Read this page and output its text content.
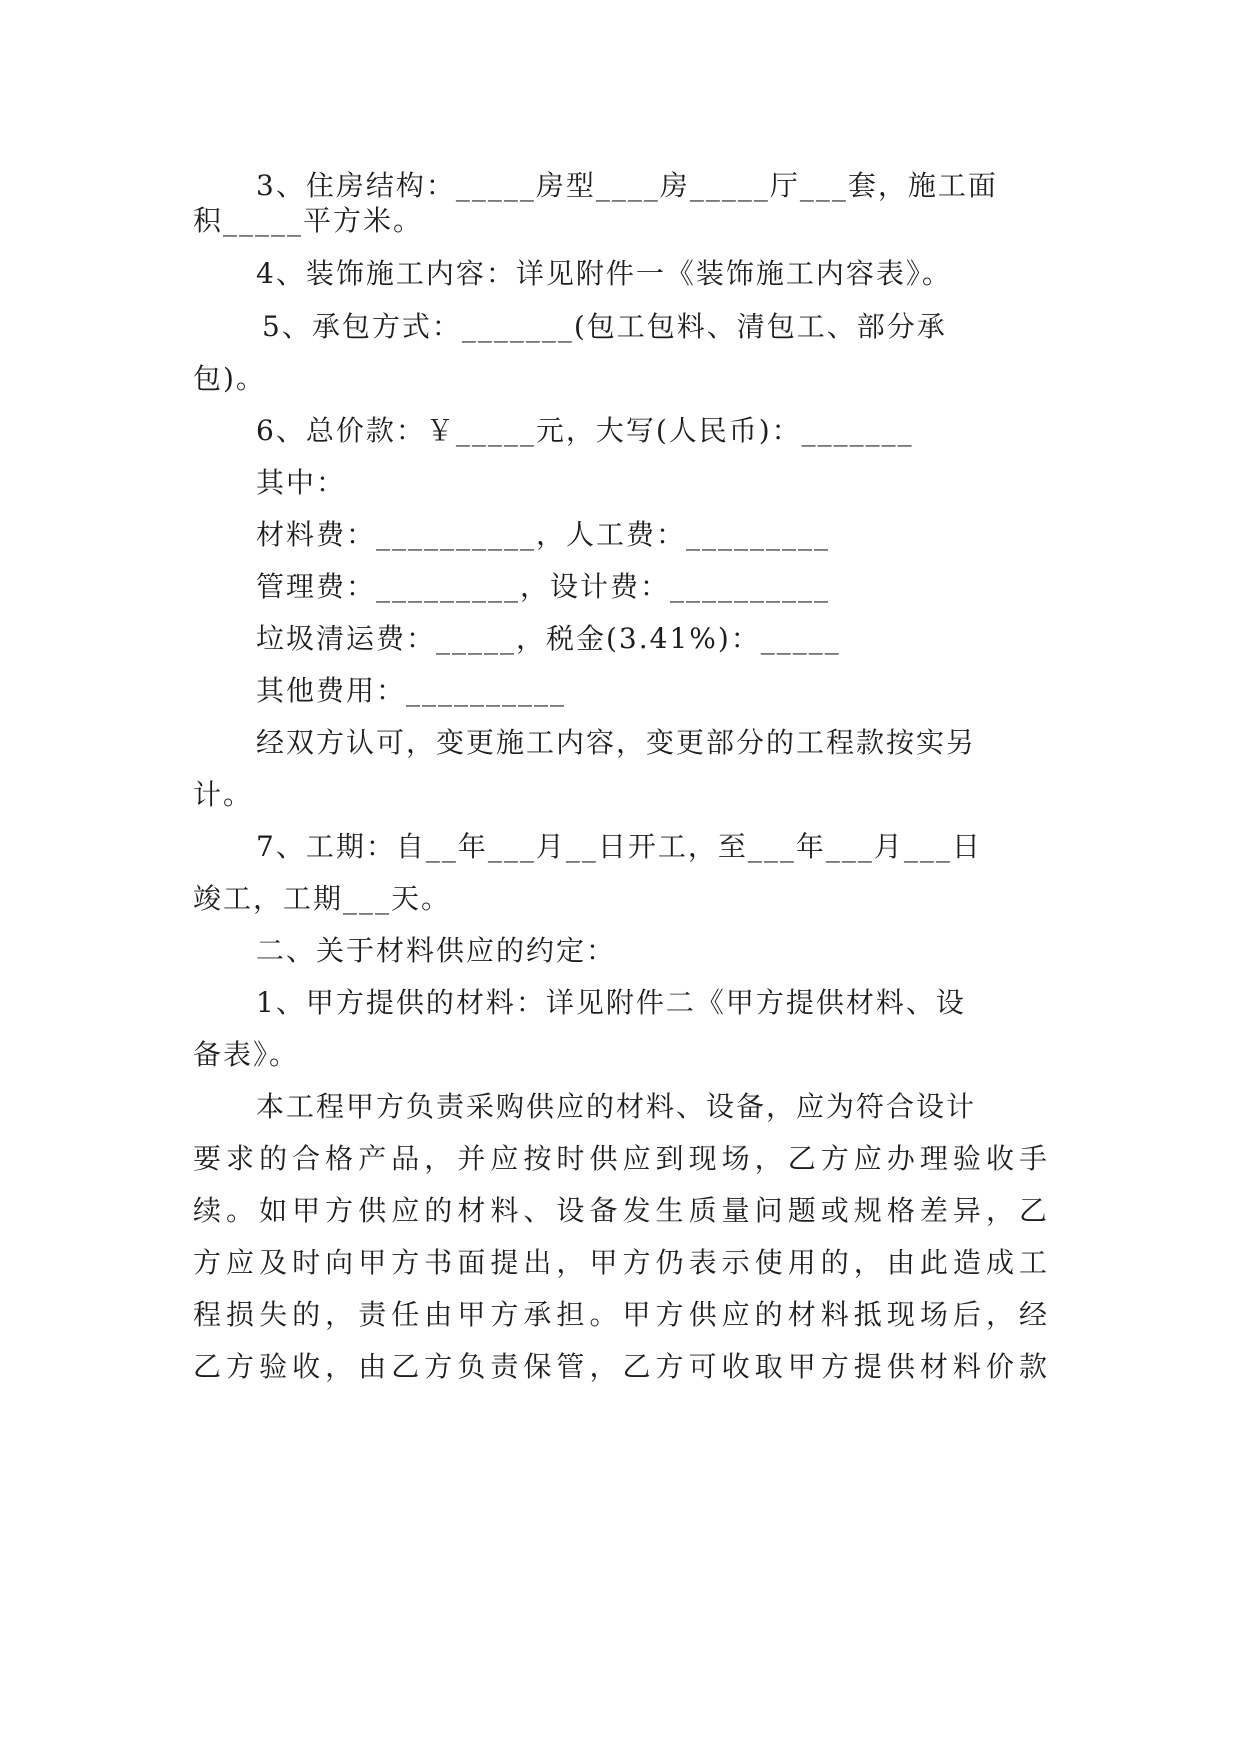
3、住房结构：_____房型____房_____厅___套，施工面
积_____平方米。
4、装饰施工内容：详见附件一《装饰施工内容表》。
5、承包方式：_______(包工包料、清包工、部分承
包)。
6、总价款：￥_____元，大写(人民币)：_______
其中：
材料费：__________，人工费：_________
管理费：_________，设计费：__________
垃圾清运费：_____，税金(3.41%)：_____
其他费用：__________
经双方认可，变更施工内容，变更部分的工程款按实另
计。
7、工期：自__年___月__日开工，至___年___月___日
竣工，工期___天。
二、关于材料供应的约定：
1、甲方提供的材料：详见附件二《甲方提供材料、设
备表》。
本工程甲方负责采购供应的材料、设备，应为符合设计
要求的合格产品，并应按时供应到现场，乙方应办理验收手
续。如甲方供应的材料、设备发生质量问题或规格差异，乙
方应及时向甲方书面提出，甲方仍表示使用的，由此造成工
程损失的，责任由甲方承担。甲方供应的材料抵现场后，经
乙方验收，由乙方负责保管，乙方可收取甲方提供材料价款
